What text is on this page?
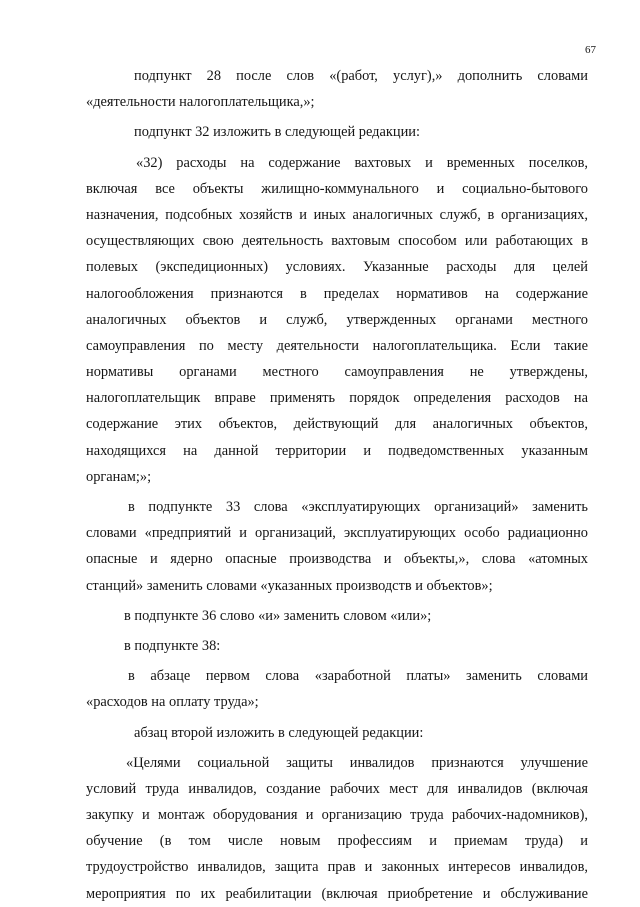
67
подпункт 28 после слов «(работ, услуг),» дополнить словами
«деятельности налогоплательщика,»;
подпункт 32 изложить в следующей редакции:
«32) расходы на содержание вахтовых и временных поселков,
включая все объекты жилищно-коммунального и социально-бытового
назначения, подсобных хозяйств и иных аналогичных служб, в организациях,
осуществляющих свою деятельность вахтовым способом или работающих в
полевых (экспедиционных) условиях. Указанные расходы для целей
налогообложения признаются в пределах нормативов на содержание
аналогичных объектов и служб, утвержденных органами местного
самоуправления по месту деятельности налогоплательщика. Если такие
нормативы органами местного самоуправления не утверждены,
налогоплательщик вправе применять порядок определения расходов на
содержание этих объектов, действующий для аналогичных объектов,
находящихся на данной территории и подведомственных указанным
органам;»;
в подпункте 33 слова «эксплуатирующих организаций» заменить
словами «предприятий и организаций, эксплуатирующих особо радиационно
опасные и ядерно опасные производства и объекты,», слова «атомных
станций» заменить словами «указанных производств и объектов»;
в подпункте 36 слово «и» заменить словом «или»;
в подпункте 38:
в абзаце первом слова «заработной платы» заменить словами
«расходов на оплату труда»;
абзац второй изложить в следующей редакции:
«Целями социальной защиты инвалидов признаются улучшение
условий труда инвалидов, создание рабочих мест для инвалидов (включая
закупку и монтаж оборудования и организацию труда рабочих-надомников),
обучение (в том числе новым профессиям и приемам труда) и
трудоустройство инвалидов, защита прав и законных интересов инвалидов,
мероприятия по их реабилитации (включая приобретение и обслуживание
